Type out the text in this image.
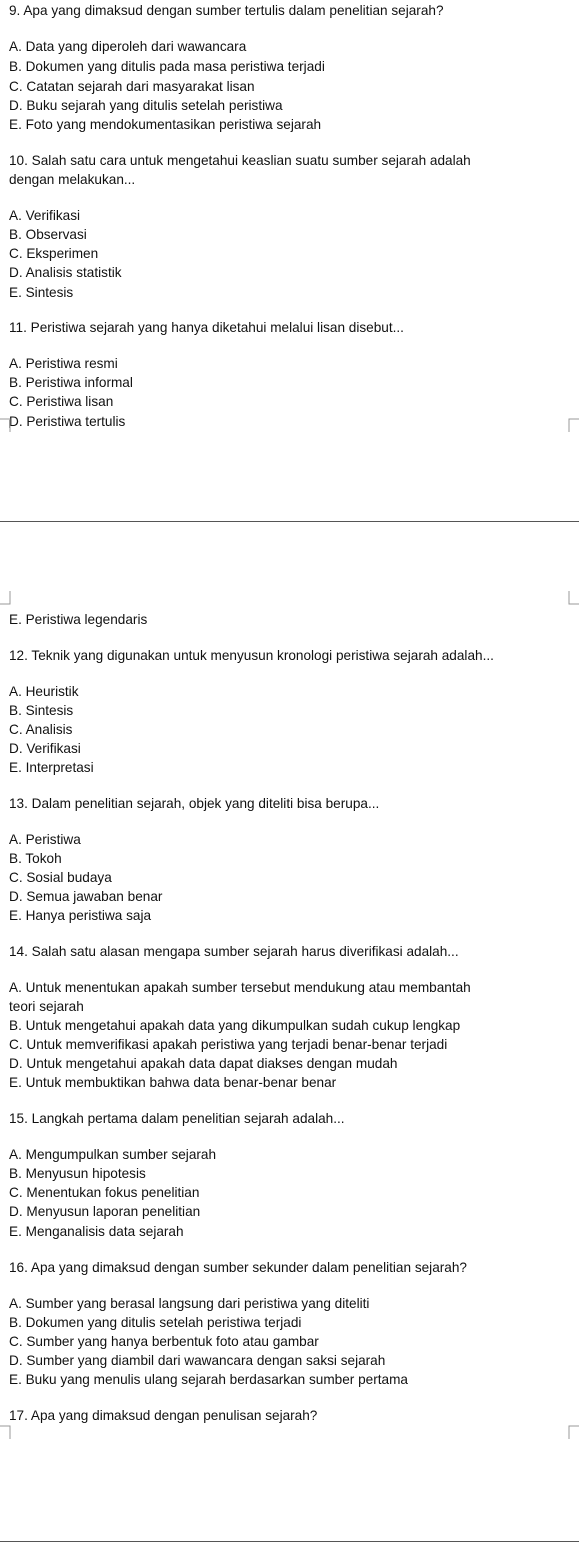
9. Apa yang dimaksud dengan sumber tertulis dalam penelitian sejarah?
A. Data yang diperoleh dari wawancara
B. Dokumen yang ditulis pada masa peristiwa terjadi
C. Catatan sejarah dari masyarakat lisan
D. Buku sejarah yang ditulis setelah peristiwa
E. Foto yang mendokumentasikan peristiwa sejarah
10. Salah satu cara untuk mengetahui keaslian suatu sumber sejarah adalah
dengan melakukan...
A. Verifikasi
B. Observasi
C. Eksperimen
D. Analisis statistik
E. Sintesis
11. Peristiwa sejarah yang hanya diketahui melalui lisan disebut...
A. Peristiwa resmi
B. Peristiwa informal
C. Peristiwa lisan
D. Peristiwa tertulis
E. Peristiwa legendaris
12. Teknik yang digunakan untuk menyusun kronologi peristiwa sejarah adalah...
A. Heuristik
B. Sintesis
C. Analisis
D. Verifikasi
E. Interpretasi
13. Dalam penelitian sejarah, objek yang diteliti bisa berupa...
A. Peristiwa
B. Tokoh
C. Sosial budaya
D. Semua jawaban benar
E. Hanya peristiwa saja
14. Salah satu alasan mengapa sumber sejarah harus diverifikasi adalah...
A. Untuk menentukan apakah sumber tersebut mendukung atau membantah
teori sejarah
B. Untuk mengetahui apakah data yang dikumpulkan sudah cukup lengkap
C. Untuk memverifikasi apakah peristiwa yang terjadi benar-benar terjadi
D. Untuk mengetahui apakah data dapat diakses dengan mudah
E. Untuk membuktikan bahwa data benar-benar benar
15. Langkah pertama dalam penelitian sejarah adalah...
A. Mengumpulkan sumber sejarah
B. Menyusun hipotesis
C. Menentukan fokus penelitian
D. Menyusun laporan penelitian
E. Menganalisis data sejarah
16. Apa yang dimaksud dengan sumber sekunder dalam penelitian sejarah?
A. Sumber yang berasal langsung dari peristiwa yang diteliti
B. Dokumen yang ditulis setelah peristiwa terjadi
C. Sumber yang hanya berbentuk foto atau gambar
D. Sumber yang diambil dari wawancara dengan saksi sejarah
E. Buku yang menulis ulang sejarah berdasarkan sumber pertama
17. Apa yang dimaksud dengan penulisan sejarah?
